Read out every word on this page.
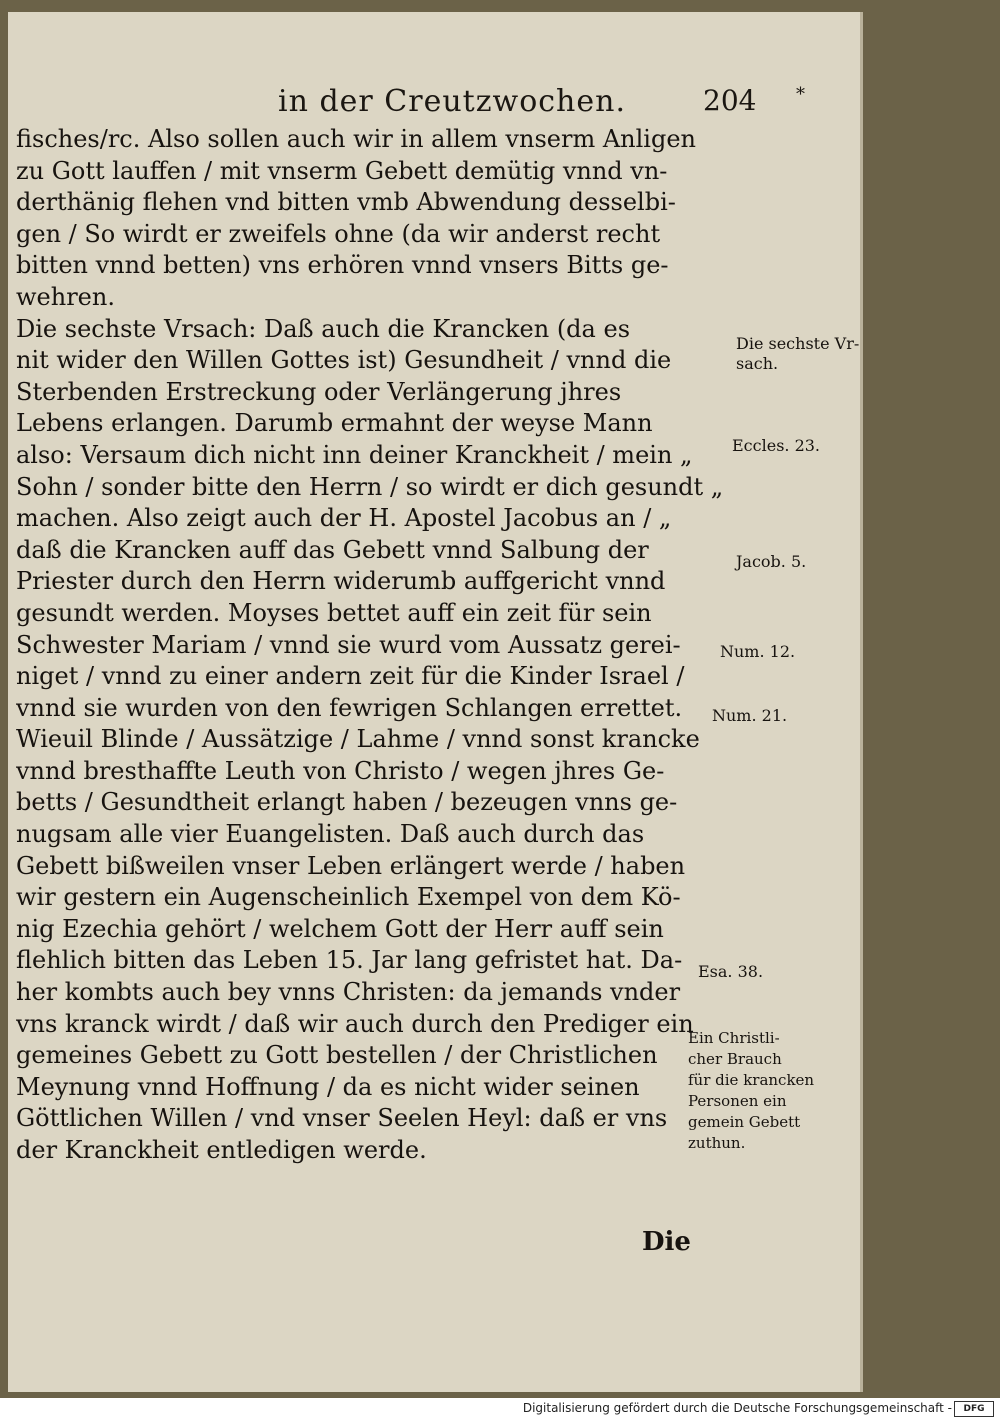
in der Creutzwochen.	204 *
fisches/rc. Also sollen auch wir in allem vnserm Anligen
zu Gott lauffen / mit vnserm Gebett demütig vnnd vn-
derthänig flehen vnd bitten vmb Abwendung desselbi-
gen / So wirdt er zweifels ohne (da wir anderst recht
bitten vnnd betten) vns erhören vnnd vnsers Bitts ge-
wehren.
Die sechste Vrsach: Daß auch die Krancken (da es
nit wider den Willen Gottes ist) Gesundheit / vnnd die
Sterbenden Erstreckung oder Verlängerung jhres
Lebens erlangen. Darumb ermahnt der weyse Mann
also: Versaum dich nicht inn deiner Kranckheit / mein „
Sohn / sonder bitte den Herrn / so wirdt er dich gesundt „
machen. Also zeigt auch der H. Apostel Jacobus an / „
daß die Krancken auff das Gebett vnnd Salbung der
Priester durch den Herrn widerumb auffgericht vnnd
gesundt werden. Moyses bettet auff ein zeit für sein
Schwester Mariam / vnnd sie wurd vom Aussatz gerei-
niget / vnnd zu einer andern zeit für die Kinder Israel /
vnnd sie wurden von den fewrigen Schlangen errettet.
Wieuil Blinde / Aussätzige / Lahme / vnnd sonst krancke
vnnd bresthaffte Leuth von Christo / wegen jhres Ge-
betts / Gesundtheit erlangt haben / bezeugen vnns ge-
nugsam alle vier Euangelisten. Daß auch durch das
Gebett bißweilen vnser Leben erlängert werde / haben
wir gestern ein Augenscheinlich Exempel von dem Kö-
nig Ezechia gehört / welchem Gott der Herr auff sein
flehlich bitten das Leben 15. Jar lang gefristet hat. Da-
her kombts auch bey vnns Christen: da jemands vnder
vns kranck wirdt / daß wir auch durch den Prediger ein
gemeines Gebett zu Gott bestellen / der Christlichen
Meynung vnnd Hoffnung / da es nicht wider seinen
Göttlichen Willen / vnd vnser Seelen Heyl: daß er vns
der Kranckheit entledigen werde.
Die sechste Vr-
sach.
Eccles. 23.
Jacob. 5.
Num. 12.
Num. 21.
Esa. 38.
Ein Christli-
cher Brauch
für die krancken
Personen ein
gemein Gebett
zuthun.
Die
Digitalisierung gefördert durch die Deutsche Forschungsgemeinschaft -	DFG
